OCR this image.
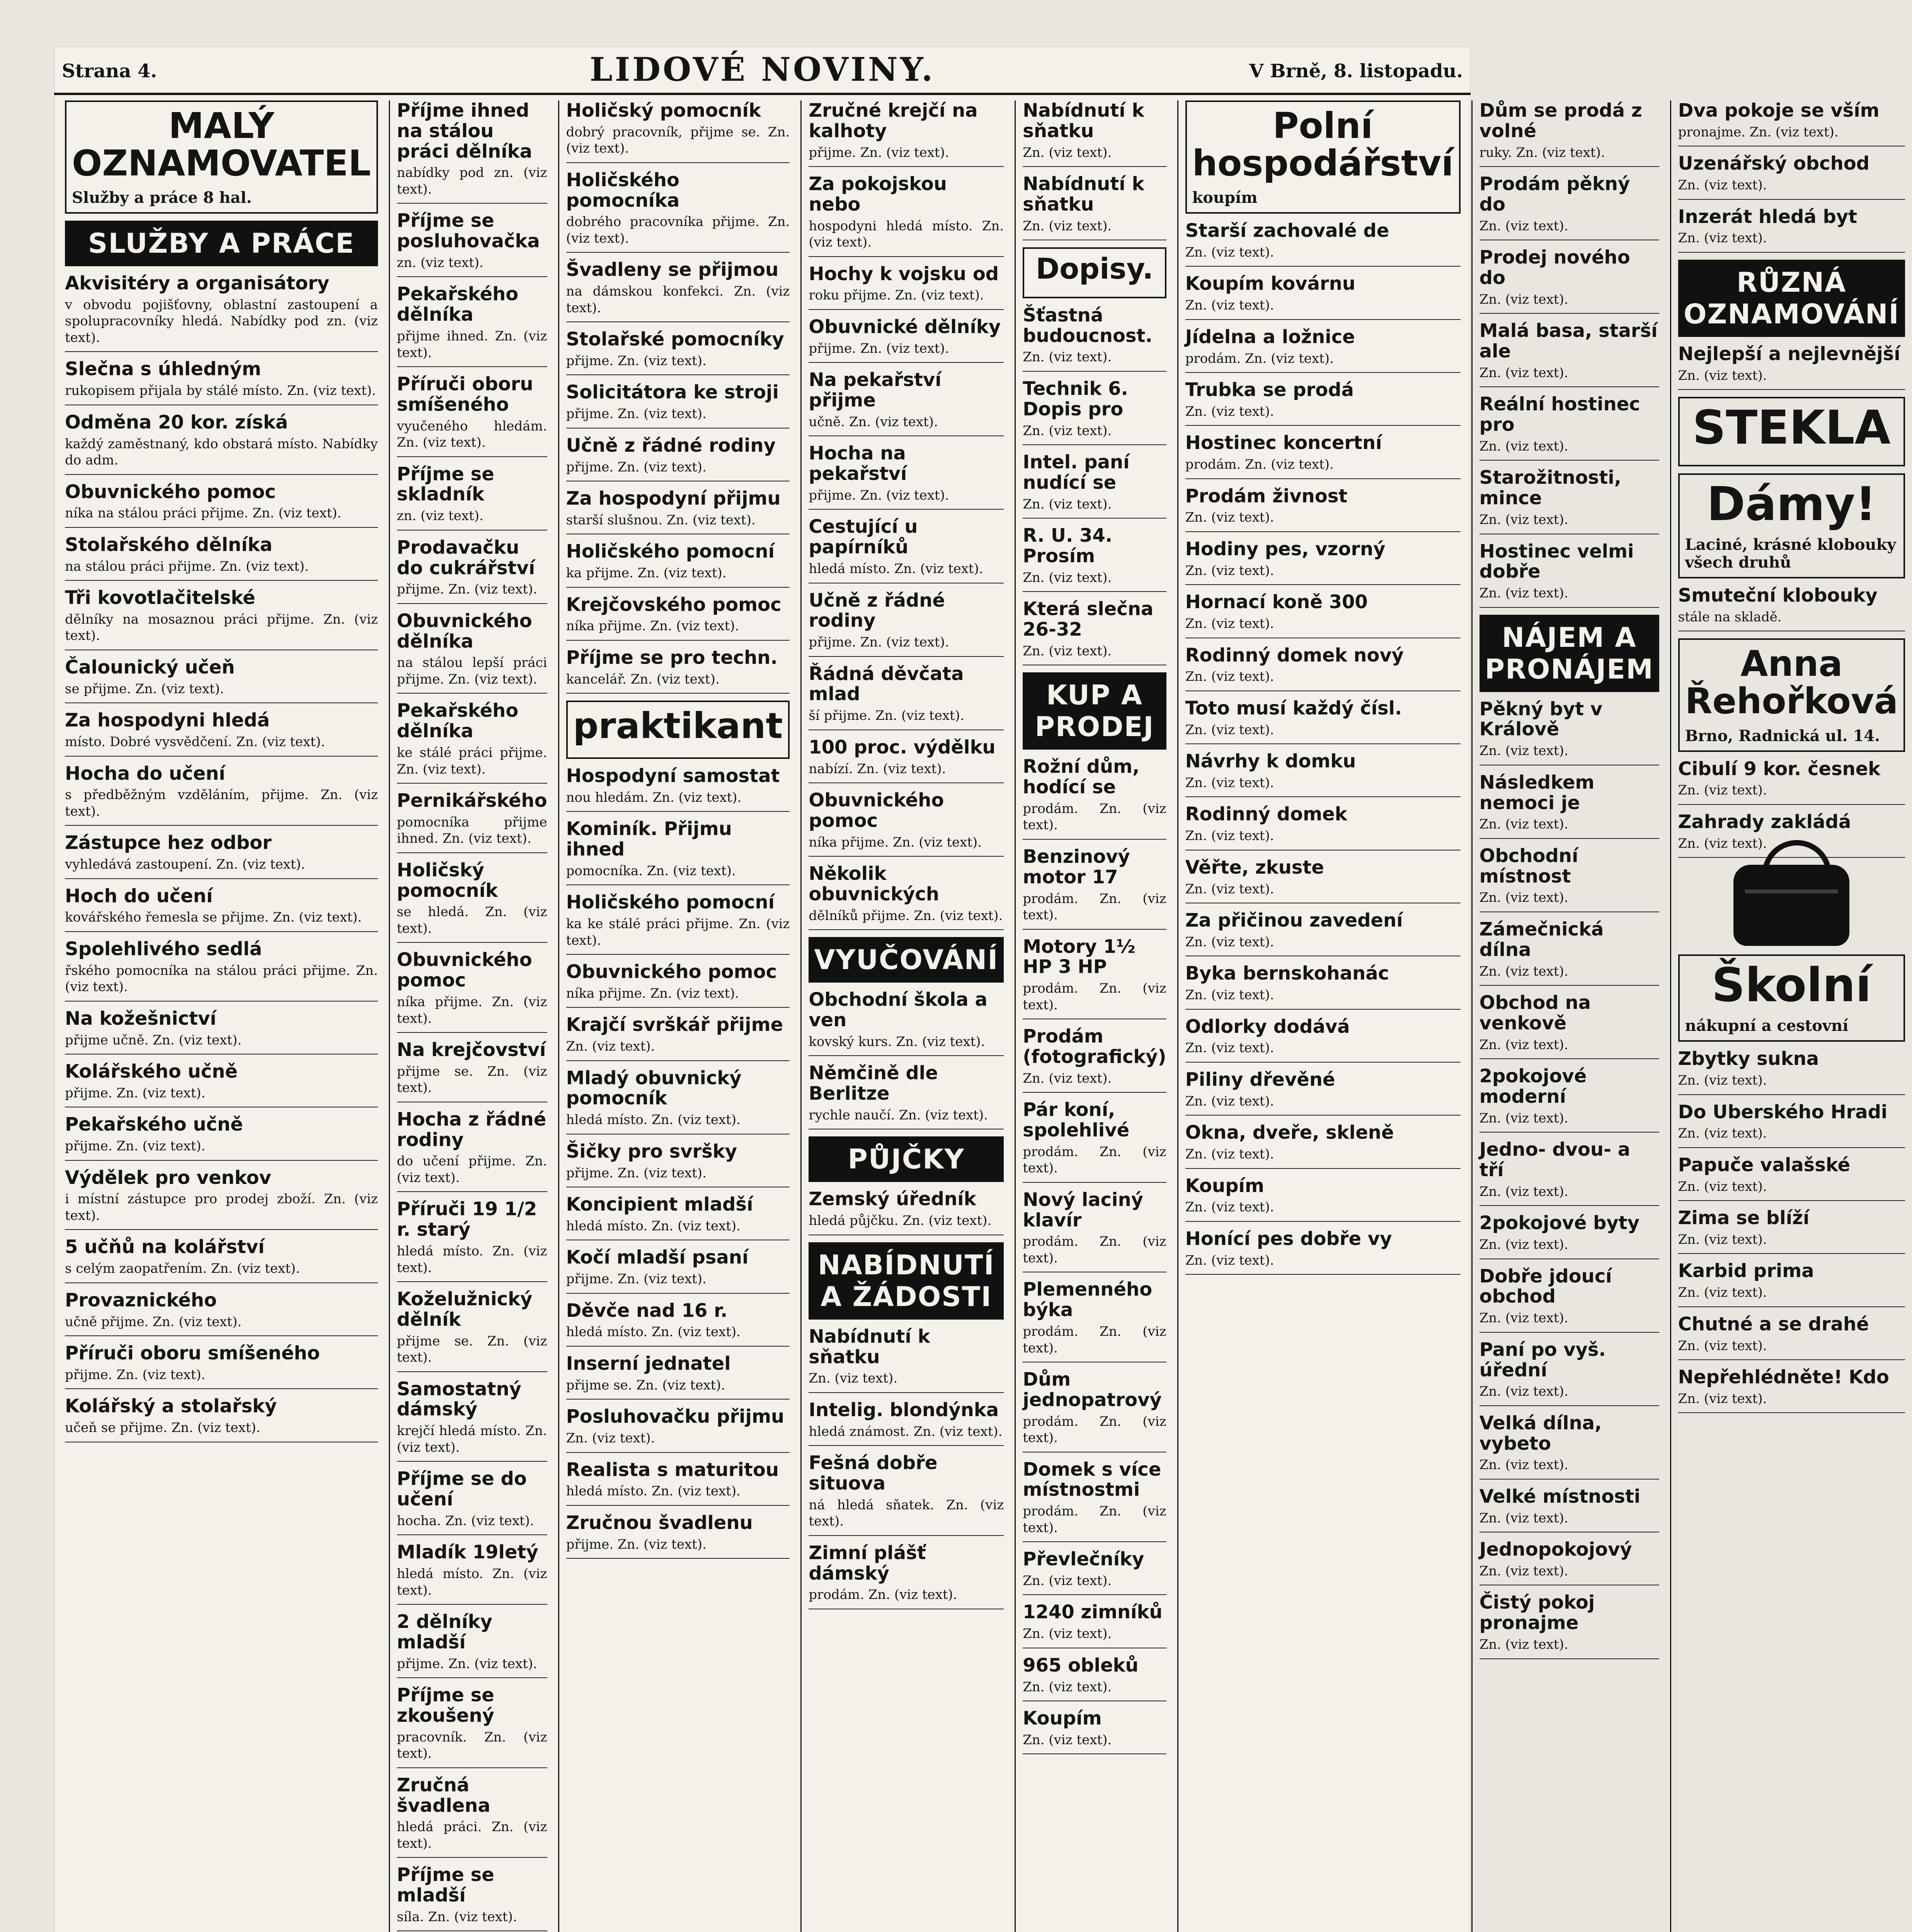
Strana 4.	LIDOVÉ NOVINY.	V Brně, 8. listopadu.
MALÝ OZNAMOVATEL
Služby a práce 8 hal.
SLUŽBY A PRÁCE
Akvisitéry a organisátory

v obvodu pojišťovny, oblastní zastoupení a spolupracovníky hledá. Nabídky pod zn. (viz text).

Slečna s úhledným

rukopisem přijala by stálé místo. Zn. (viz text).

Odměna 20 kor. získá

každý zaměstnaný, kdo obstará místo. Nabídky do adm.

Obuvnického pomoc

níka na stálou práci přijme. Zn. (viz text).

Stolařského dělníka

na stálou práci přijme. Zn. (viz text).

Tři kovotlačitelské

dělníky na mosaznou práci přijme. Zn. (viz text).

Čalounický učeň

se přijme. Zn. (viz text).

Za hospodyni hledá

místo. Dobré vysvědčení. Zn. (viz text).

Hocha do učení

s předběžným vzděláním, přijme. Zn. (viz text).

Zástupce hez odbor

vyhledává zastoupení. Zn. (viz text).

Hoch do učení

kovářského řemesla se přijme. Zn. (viz text).

Spolehlivého sedlá

řského pomocníka na stálou práci přijme. Zn. (viz text).

Na kožešnictví

přijme učně. Zn. (viz text).

Kolářského učně

přijme. Zn. (viz text).

Pekařského učně

přijme. Zn. (viz text).

Výdělek pro venkov

i místní zástupce pro prodej zboží. Zn. (viz text).

5 učňů na kolářství

s celým zaopatřením. Zn. (viz text).

Provaznického

učně přijme. Zn. (viz text).

Příruči oboru smíšeného

přijme. Zn. (viz text).

Kolářský a stolařský

učeň se přijme. Zn. (viz text).

Příjme ihned na stálou práci dělníka

nabídky pod zn. (viz text).

Příjme se posluhovačka

zn. (viz text).

Pekařského dělníka

přijme ihned. Zn. (viz text).

Příruči oboru smíšeného

vyučeného hledám. Zn. (viz text).

Příjme se skladník

zn. (viz text).

Prodavačku do cukrářství

přijme. Zn. (viz text).

Obuvnického dělníka

na stálou lepší práci přijme. Zn. (viz text).

Pekařského dělníka

ke stálé práci přijme. Zn. (viz text).

Pernikářského

pomocníka přijme ihned. Zn. (viz text).

Holičský pomocník

se hledá. Zn. (viz text).

Obuvnického pomoc

níka přijme. Zn. (viz text).

Na krejčovství

přijme se. Zn. (viz text).

Hocha z řádné rodiny

do učení přijme. Zn. (viz text).

Příruči 19 1/2 r. starý

hledá místo. Zn. (viz text).

Koželužnický dělník

přijme se. Zn. (viz text).

Samostatný dámský

krejčí hledá místo. Zn. (viz text).

Příjme se do učení

hocha. Zn. (viz text).

Mladík 19letý

hledá místo. Zn. (viz text).

2 dělníky mladší

přijme. Zn. (viz text).

Příjme se zkoušený

pracovník. Zn. (viz text).

Zručná švadlena

hledá práci. Zn. (viz text).

Příjme se mladší

síla. Zn. (viz text).

Holičský pomocník

dobrý pracovník, přijme se. Zn. (viz text).

Holičského pomocníka

dobrého pracovníka přijme. Zn. (viz text).

Švadleny se přijmou

na dámskou konfekci. Zn. (viz text).

Stolařské pomocníky

přijme. Zn. (viz text).

Solicitátora ke stroji

přijme. Zn. (viz text).

Učně z řádné rodiny

přijme. Zn. (viz text).

Za hospodyní přijmu

starší slušnou. Zn. (viz text).

Holičského pomocní

ka přijme. Zn. (viz text).

Krejčovského pomoc

níka přijme. Zn. (viz text).

Příjme se pro techn.

kancelář. Zn. (viz text).

praktikant
Hospodyní samostat

nou hledám. Zn. (viz text).

Kominík. Přijmu ihned

pomocníka. Zn. (viz text).

Holičského pomocní

ka ke stálé práci přijme. Zn. (viz text).

Obuvnického pomoc

níka přijme. Zn. (viz text).

Krajčí svrškář přijme

Zn. (viz text).

Mladý obuvnický pomocník

hledá místo. Zn. (viz text).

Šičky pro svršky

přijme. Zn. (viz text).

Koncipient mladší

hledá místo. Zn. (viz text).

Kočí mladší psaní

přijme. Zn. (viz text).

Děvče nad 16 r.

hledá místo. Zn. (viz text).

Inserní jednatel

přijme se. Zn. (viz text).

Posluhovačku přijmu

Zn. (viz text).

Realista s maturitou

hledá místo. Zn. (viz text).

Zručnou švadlenu

přijme. Zn. (viz text).

Zručné krejčí na kalhoty

přijme. Zn. (viz text).

Za pokojskou nebo

hospodyni hledá místo. Zn. (viz text).

Hochy k vojsku od

roku přijme. Zn. (viz text).

Obuvnické dělníky

přijme. Zn. (viz text).

Na pekařství přijme

učně. Zn. (viz text).

Hocha na pekařství

přijme. Zn. (viz text).

Cestující u papírníků

hledá místo. Zn. (viz text).

Učně z řádné rodiny

přijme. Zn. (viz text).

Řádná děvčata mlad

ší přijme. Zn. (viz text).

100 proc. výdělku

nabízí. Zn. (viz text).

Obuvnického pomoc

níka přijme. Zn. (viz text).

Několik obuvnických

dělníků přijme. Zn. (viz text).

VYUČOVÁNÍ
Obchodní škola a ven

kovský kurs. Zn. (viz text).

Němčině dle Berlitze

rychle naučí. Zn. (viz text).

PŮJČKY
Zemský úředník

hledá půjčku. Zn. (viz text).

NABÍDNUTÍ A ŽÁDOSTI
Nabídnutí k sňatku

Zn. (viz text).

Intelig. blondýnka

hledá známost. Zn. (viz text).

Fešná dobře situova

ná hledá sňatek. Zn. (viz text).

Zimní plášť dámský

prodám. Zn. (viz text).

Nabídnutí k sňatku

Zn. (viz text).

Nabídnutí k sňatku

Zn. (viz text).

Dopisy.
Šťastná budoucnost.

Zn. (viz text).

Technik 6. Dopis pro

Zn. (viz text).

Intel. paní nudící se

Zn. (viz text).

R. U. 34. Prosím

Zn. (viz text).

Která slečna 26-32

Zn. (viz text).

KUP A PRODEJ
Rožní dům, hodící se

prodám. Zn. (viz text).

Benzinový motor 17

prodám. Zn. (viz text).

Motory 1½ HP 3 HP

prodám. Zn. (viz text).

Prodám (fotografický)

Zn. (viz text).

Pár koní, spolehlivé

prodám. Zn. (viz text).

Nový laciný klavír

prodám. Zn. (viz text).

Plemenného býka

prodám. Zn. (viz text).

Dům jednopatrový

prodám. Zn. (viz text).

Domek s více místnostmi

prodám. Zn. (viz text).

Převlečníky

Zn. (viz text).

1240 zimníků

Zn. (viz text).

965 obleků

Zn. (viz text).

Koupím

Zn. (viz text).

Polní hospodářství
koupím
Starší zachovalé de

Zn. (viz text).

Koupím kovárnu

Zn. (viz text).

Jídelna a ložnice

prodám. Zn. (viz text).

Trubka se prodá

Zn. (viz text).

Hostinec koncertní

prodám. Zn. (viz text).

Prodám živnost

Zn. (viz text).

Hodiny pes, vzorný

Zn. (viz text).

Hornací koně 300

Zn. (viz text).

Rodinný domek nový

Zn. (viz text).

Toto musí každý čísl.

Zn. (viz text).

Návrhy k domku

Zn. (viz text).

Rodinný domek

Zn. (viz text).

Věřte, zkuste

Zn. (viz text).

Za přičinou zavedení

Zn. (viz text).

Byka bernskohanác

Zn. (viz text).

Odlorky dodává

Zn. (viz text).

Piliny dřevěné

Zn. (viz text).

Okna, dveře, skleně

Zn. (viz text).

Koupím

Zn. (viz text).

Honící pes dobře vy

Zn. (viz text).

Dům se prodá z volné

ruky. Zn. (viz text).

Prodám pěkný do

Zn. (viz text).

Prodej nového do

Zn. (viz text).

Malá basa, starší ale

Zn. (viz text).

Reální hostinec pro

Zn. (viz text).

Starožitnosti, mince

Zn. (viz text).

Hostinec velmi dobře

Zn. (viz text).

NÁJEM A PRONÁJEM
Pěkný byt v Králově

Zn. (viz text).

Následkem nemoci je

Zn. (viz text).

Obchodní místnost

Zn. (viz text).

Zámečnická dílna

Zn. (viz text).

Obchod na venkově

Zn. (viz text).

2pokojové moderní

Zn. (viz text).

Jedno- dvou- a tří

Zn. (viz text).

2pokojové byty

Zn. (viz text).

Dobře jdoucí obchod

Zn. (viz text).

Paní po vyš. úřední

Zn. (viz text).

Velká dílna, vybeto

Zn. (viz text).

Velké místnosti

Zn. (viz text).

Jednopokojový

Zn. (viz text).

Čistý pokoj pronajme

Zn. (viz text).

Dva pokoje se vším

pronajme. Zn. (viz text).

Uzenářský obchod

Zn. (viz text).

Inzerát hledá byt

Zn. (viz text).

RŮZNÁ OZNAMOVÁNÍ
Nejlepší a nejlevnější

Zn. (viz text).

STEKLA
Dámy!
Laciné, krásné klobouky všech druhů
Smuteční klobouky

stále na skladě.

Anna Řehořková
Brno, Radnická ul. 14.
Cibulí 9 kor. česnek

Zn. (viz text).

Zahrady zakládá

Zn. (viz text).

Školní
nákupní a cestovní
Zbytky sukna

Zn. (viz text).

Do Uberského Hradi

Zn. (viz text).

Papuče valašské

Zn. (viz text).

Zima se blíží

Zn. (viz text).

Karbid prima

Zn. (viz text).

Chutné a se drahé

Zn. (viz text).

Nepřehlédněte! Kdo

Zn. (viz text).
